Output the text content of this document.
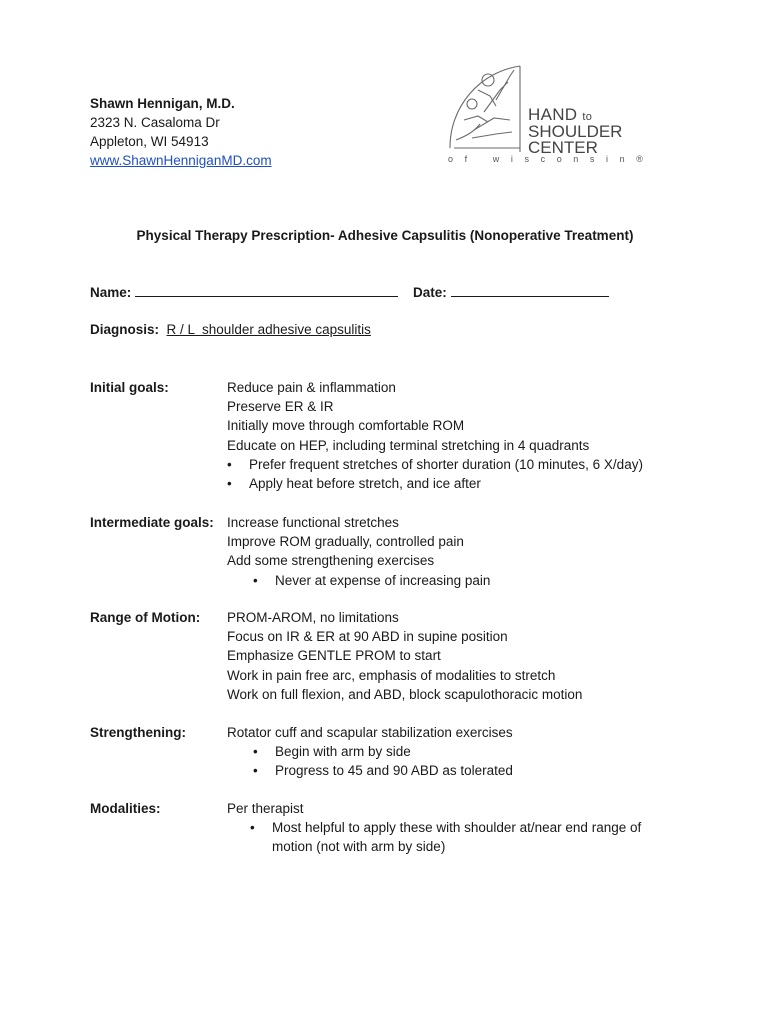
Shawn Hennigan, M.D.
2323 N. Casaloma Dr
Appleton, WI 54913
www.ShawnHenniganMD.com
HAND to
SHOULDER
CENTER
of wisconsin®
Physical Therapy Prescription- Adhesive Capsulitis (Nonoperative Treatment)
Name:	Date:
Diagnosis: R / L  shoulder adhesive capsulitis
Initial goals:	Reduce pain & inflammation
Preserve ER & IR
Initially move through comfortable ROM
Educate on HEP, including terminal stretching in 4 quadrants
• Prefer frequent stretches of shorter duration (10 minutes, 6 X/day)
• Apply heat before stretch, and ice after
Intermediate goals: Increase functional stretches
Improve ROM gradually, controlled pain
Add some strengthening exercises
• Never at expense of increasing pain
Range of Motion: PROM-AROM, no limitations
Focus on IR & ER at 90 ABD in supine position
Emphasize GENTLE PROM to start
Work in pain free arc, emphasis of modalities to stretch
Work on full flexion, and ABD, block scapulothoracic motion
Strengthening:	Rotator cuff and scapular stabilization exercises
• Begin with arm by side
• Progress to 45 and 90 ABD as tolerated
Modalities:	Per therapist
• Most helpful to apply these with shoulder at/near end range of motion (not with arm by side)
